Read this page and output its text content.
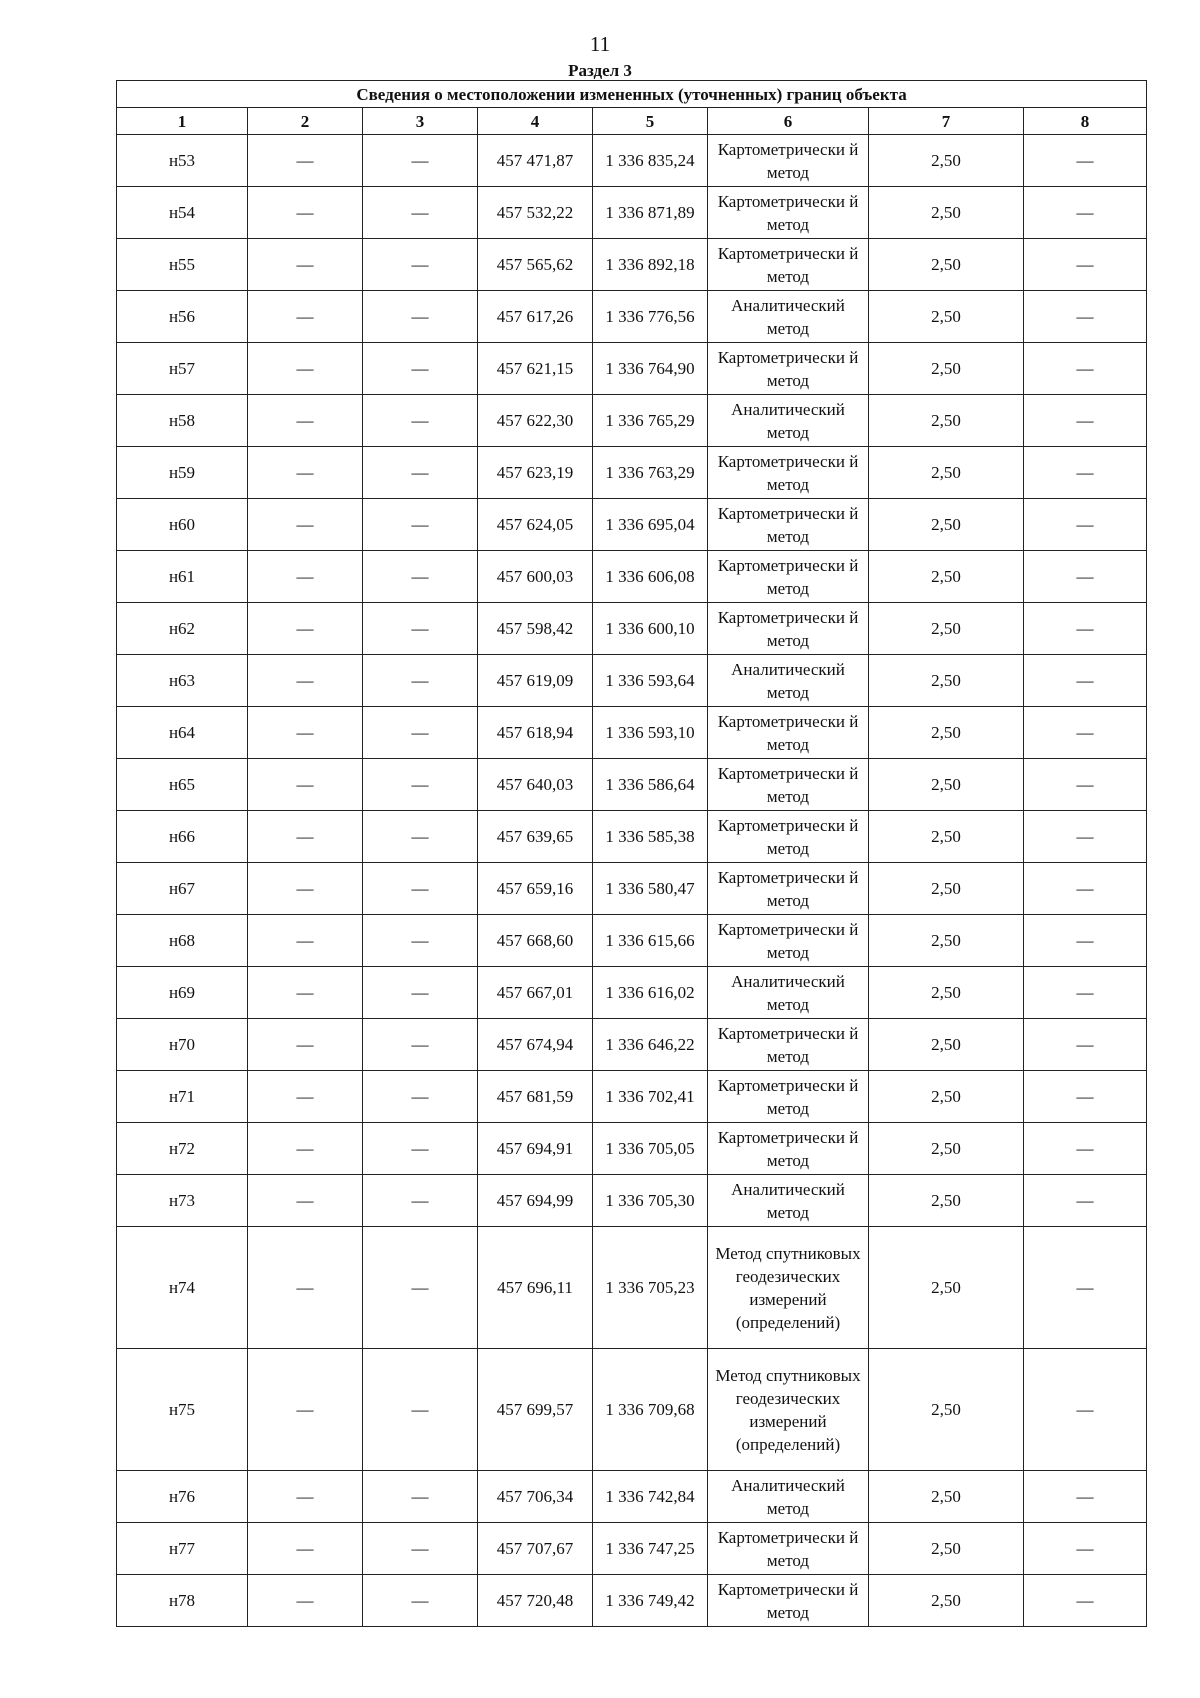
11
Раздел 3
Сведения о местоположении измененных (уточненных) границ объекта							
1	2	3	4	5	6	7	8
н53	—	—	457 471,87	1 336 835,24	Картометрически й метод	2,50	—
н54	—	—	457 532,22	1 336 871,89	Картометрически й метод	2,50	—
н55	—	—	457 565,62	1 336 892,18	Картометрически й метод	2,50	—
н56	—	—	457 617,26	1 336 776,56	Аналитический метод	2,50	—
н57	—	—	457 621,15	1 336 764,90	Картометрически й метод	2,50	—
н58	—	—	457 622,30	1 336 765,29	Аналитический метод	2,50	—
н59	—	—	457 623,19	1 336 763,29	Картометрически й метод	2,50	—
н60	—	—	457 624,05	1 336 695,04	Картометрически й метод	2,50	—
н61	—	—	457 600,03	1 336 606,08	Картометрически й метод	2,50	—
н62	—	—	457 598,42	1 336 600,10	Картометрически й метод	2,50	—
н63	—	—	457 619,09	1 336 593,64	Аналитический метод	2,50	—
н64	—	—	457 618,94	1 336 593,10	Картометрически й метод	2,50	—
н65	—	—	457 640,03	1 336 586,64	Картометрически й метод	2,50	—
н66	—	—	457 639,65	1 336 585,38	Картометрически й метод	2,50	—
н67	—	—	457 659,16	1 336 580,47	Картометрически й метод	2,50	—
н68	—	—	457 668,60	1 336 615,66	Картометрически й метод	2,50	—
н69	—	—	457 667,01	1 336 616,02	Аналитический метод	2,50	—
н70	—	—	457 674,94	1 336 646,22	Картометрически й метод	2,50	—
н71	—	—	457 681,59	1 336 702,41	Картометрически й метод	2,50	—
н72	—	—	457 694,91	1 336 705,05	Картометрически й метод	2,50	—
н73	—	—	457 694,99	1 336 705,30	Аналитический метод	2,50	—
н74	—	—	457 696,11	1 336 705,23	Метод спутниковых геодезических измерений (определений)	2,50	—
н75	—	—	457 699,57	1 336 709,68	Метод спутниковых геодезических измерений (определений)	2,50	—
н76	—	—	457 706,34	1 336 742,84	Аналитический метод	2,50	—
н77	—	—	457 707,67	1 336 747,25	Картометрически й метод	2,50	—
н78	—	—	457 720,48	1 336 749,42	Картометрически й метод	2,50	—
